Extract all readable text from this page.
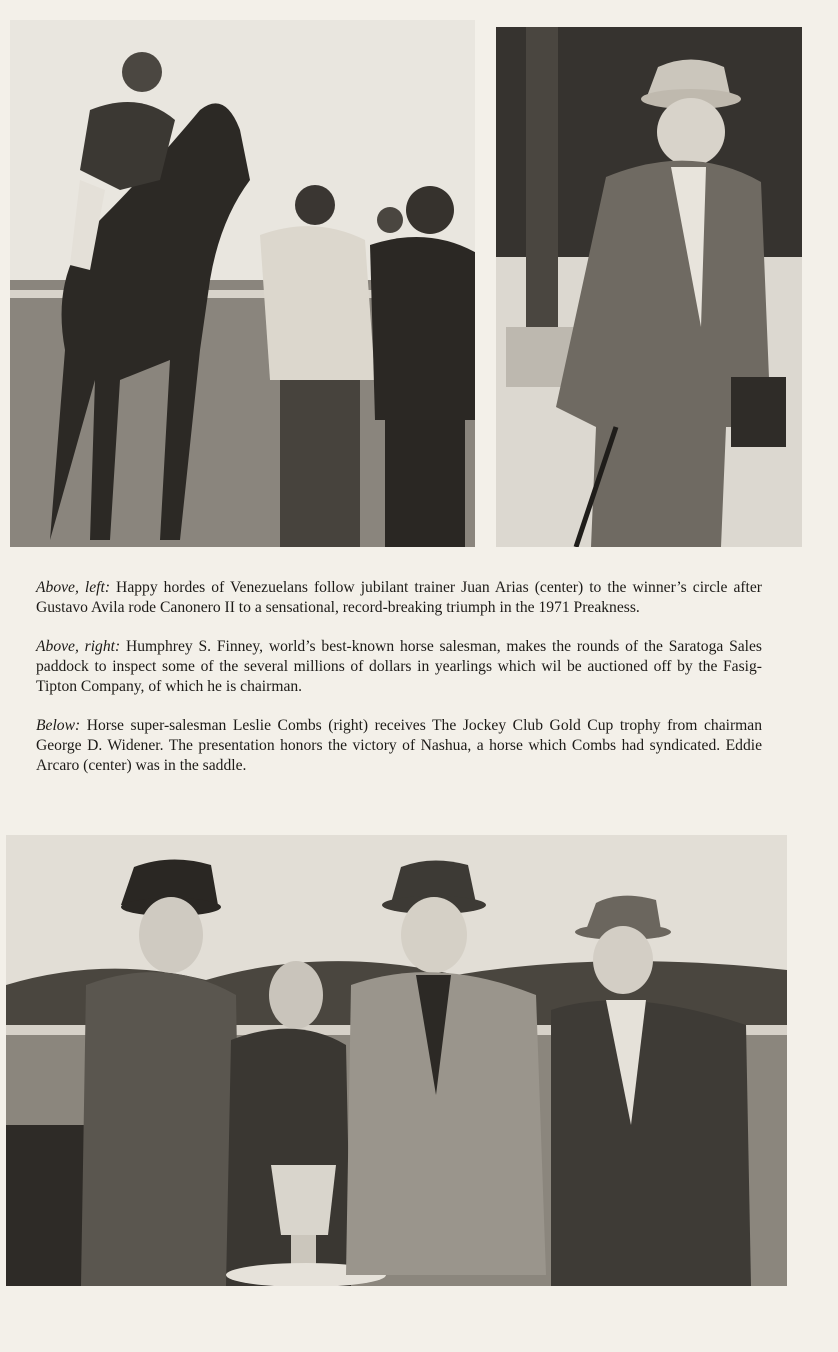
Above, left: Happy hordes of Venezuelans follow jubilant trainer Juan Arias (center) to the winner’s circle after Gustavo Avila rode Canonero II to a sensational, record-breaking triumph in the 1971 Preakness.

Above, right: Humphrey S. Finney, world’s best-known horse salesman, makes the rounds of the Saratoga Sales paddock to inspect some of the several millions of dollars in yearlings which wil be auctioned off by the Fasig-Tipton Company, of which he is chairman.

Below: Horse super-salesman Leslie Combs (right) receives The Jockey Club Gold Cup trophy from chairman George D. Widener. The presentation honors the victory of Nashua, a horse which Combs had syndicated. Eddie Arcaro (center) was in the saddle.
